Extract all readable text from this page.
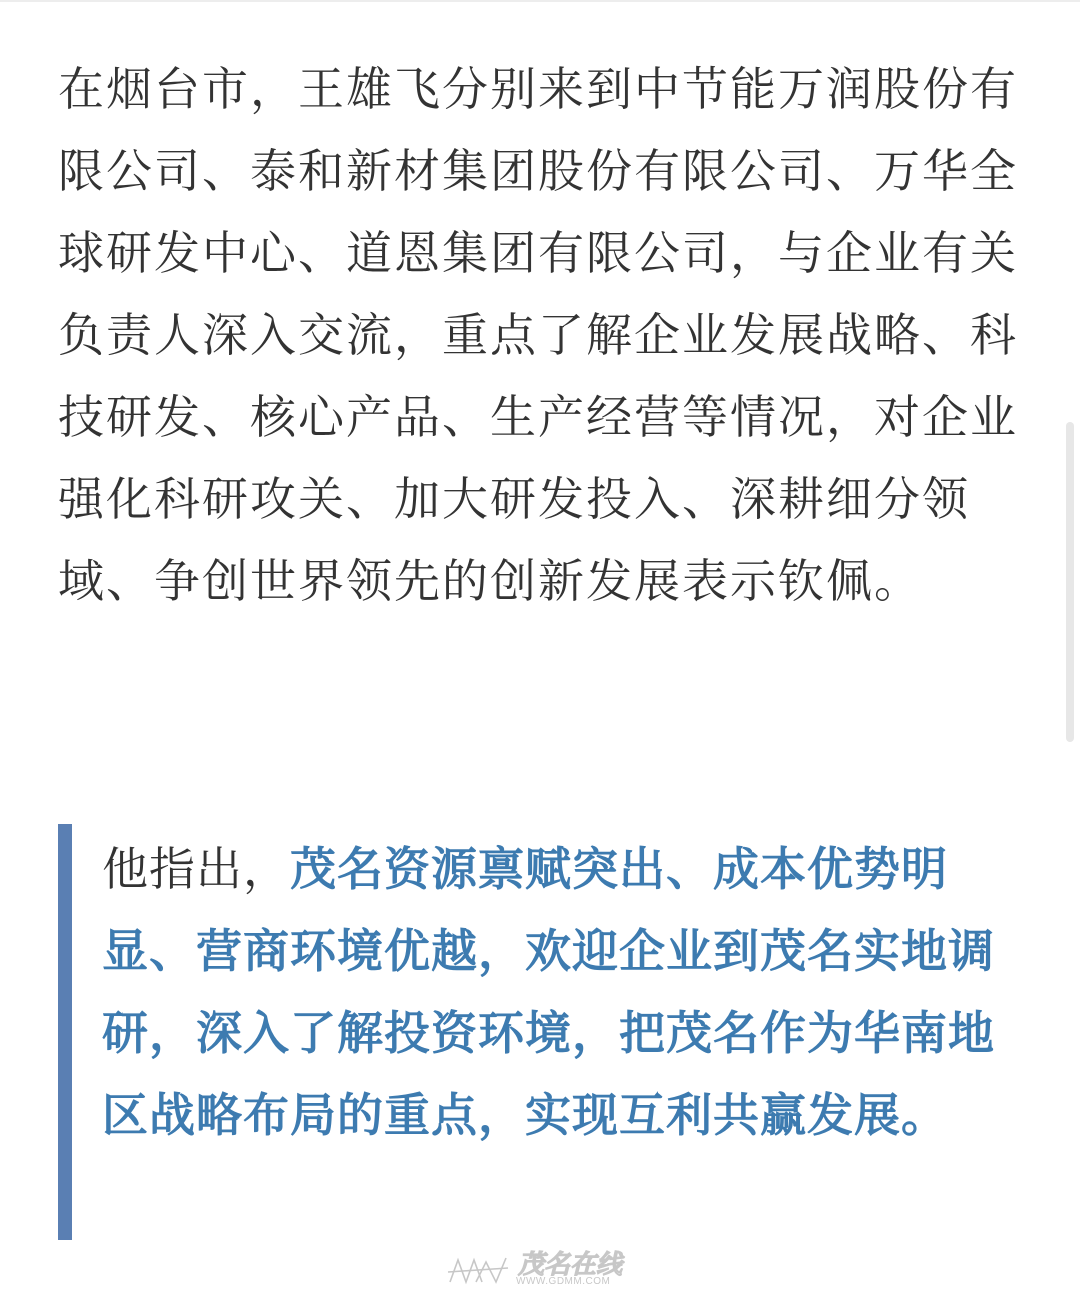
在烟台市，王雄飞分别来到中节能万润股份有限公司、泰和新材集团股份有限公司、万华全球研发中心、道恩集团有限公司，与企业有关负责人深入交流，重点了解企业发展战略、科技研发、核心产品、生产经营等情况，对企业强化科研攻关、加大研发投入、深耕细分领域、争创世界领先的创新发展表示钦佩。

他指出，茂名资源禀赋突出、成本优势明显、营商环境优越，欢迎企业到茂名实地调研，深入了解投资环境，把茂名作为华南地区战略布局的重点，实现互利共赢发展。

茂名在线
WWW.GDMM.COM
